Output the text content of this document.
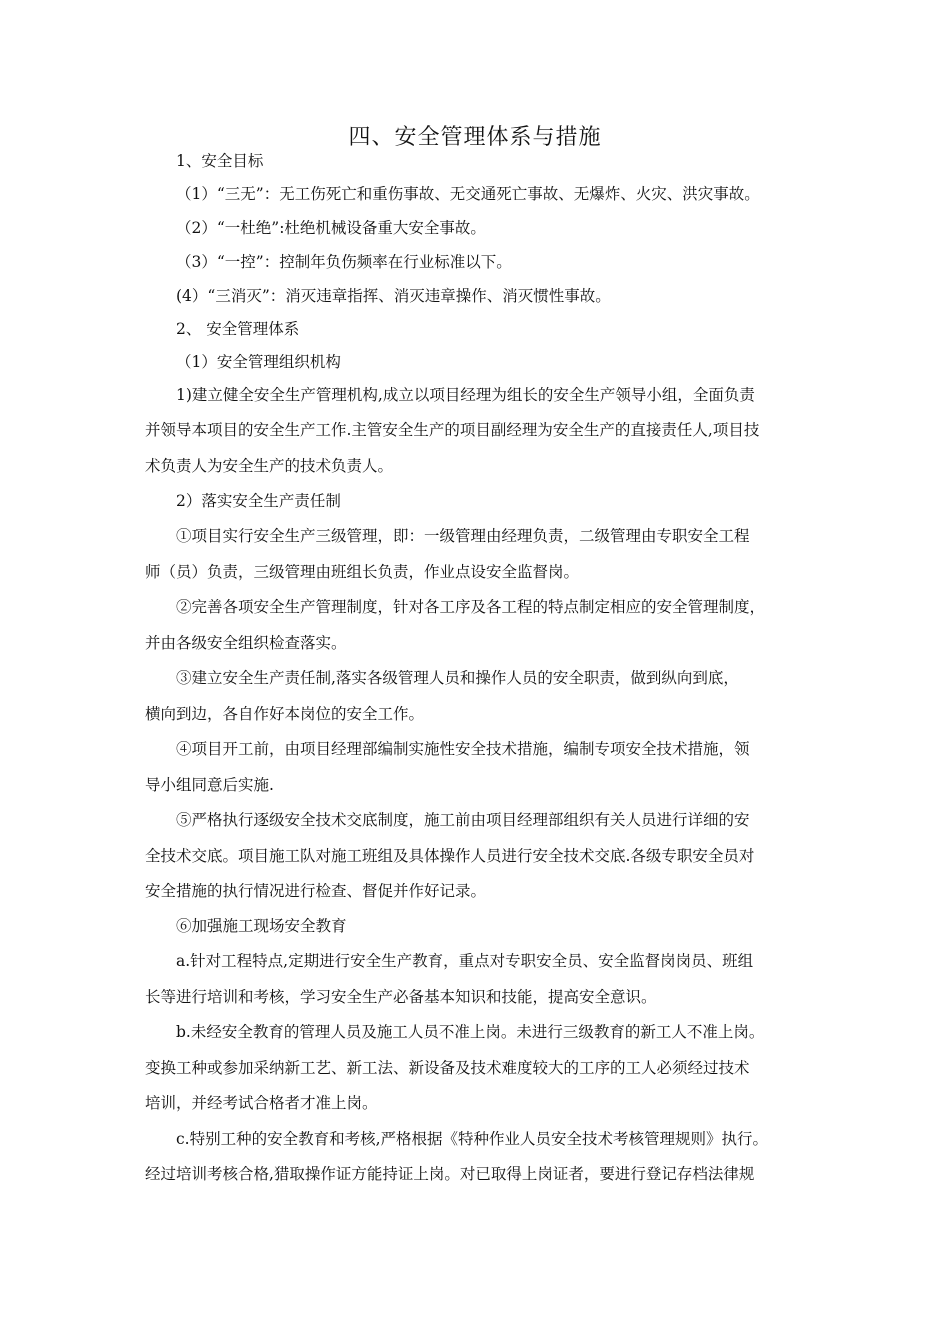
四、安全管理体系与措施
1、安全目标
（1）“三无”：无工伤死亡和重伤事故、无交通死亡事故、无爆炸、火灾、洪灾事故。
（2）“一杜绝”:杜绝机械设备重大安全事故。
（3）“一控”：控制年负伤频率在行业标准以下。
(4）“三消灭”：消灭违章指挥、消灭违章操作、消灭惯性事故。
2、 安全管理体系
（1）安全管理组织机构
1)建立健全安全生产管理机构,成立以项目经理为组长的安全生产领导小组，全面负责
并领导本项目的安全生产工作.主管安全生产的项目副经理为安全生产的直接责任人,项目技
术负责人为安全生产的技术负责人。
2）落实安全生产责任制
①项目实行安全生产三级管理，即：一级管理由经理负责，二级管理由专职安全工程
师（员）负责，三级管理由班组长负责，作业点设安全监督岗。
②完善各项安全生产管理制度，针对各工序及各工程的特点制定相应的安全管理制度，
并由各级安全组织检查落实。
③建立安全生产责任制,落实各级管理人员和操作人员的安全职责，做到纵向到底，
横向到边，各自作好本岗位的安全工作。
④项目开工前，由项目经理部编制实施性安全技术措施，编制专项安全技术措施，领
导小组同意后实施.
⑤严格执行逐级安全技术交底制度，施工前由项目经理部组织有关人员进行详细的安
全技术交底。项目施工队对施工班组及具体操作人员进行安全技术交底.各级专职安全员对
安全措施的执行情况进行检查、督促并作好记录。
⑥加强施工现场安全教育
a.针对工程特点,定期进行安全生产教育，重点对专职安全员、安全监督岗岗员、班组
长等进行培训和考核，学习安全生产必备基本知识和技能，提高安全意识。
b.未经安全教育的管理人员及施工人员不准上岗。未进行三级教育的新工人不准上岗。
变换工种或参加采纳新工艺、新工法、新设备及技术难度较大的工序的工人必须经过技术
培训，并经考试合格者才准上岗。
c.特别工种的安全教育和考核,严格根据《特种作业人员安全技术考核管理规则》执行。
经过培训考核合格,猎取操作证方能持证上岗。对已取得上岗证者，要进行登记存档法律规
